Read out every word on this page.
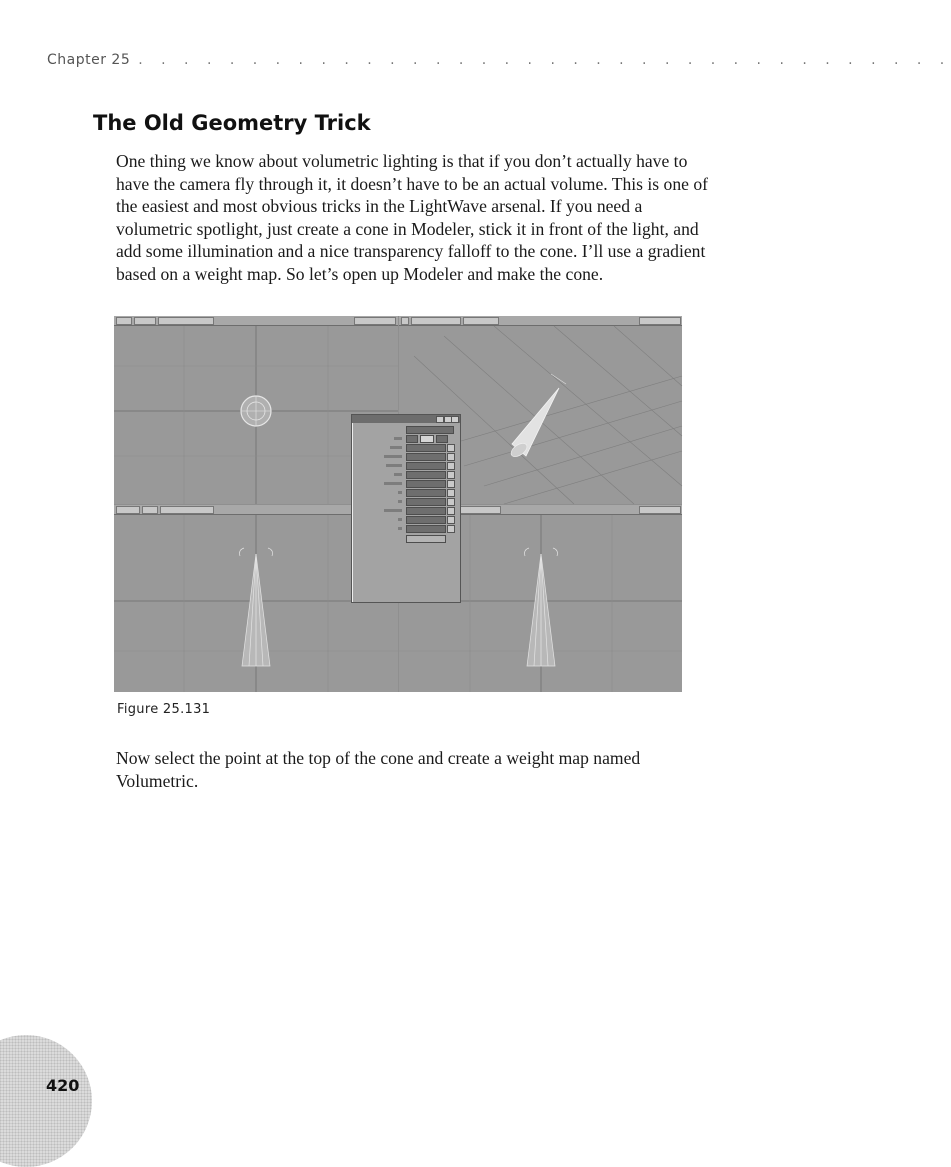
Chapter 25 . . . . . . . . . . . . . . . . . . . . . . . . . . . . . . . . . . . .
The Old Geometry Trick

One thing we know about volumetric lighting is that if you don’t actually have to have the camera fly through it, it doesn’t have to be an actual volume. This is one of the easiest and most obvious tricks in the LightWave arsenal. If you need a volumetric spotlight, just create a cone in Modeler, stick it in front of the light, and add some illumination and a nice transparency falloff to the cone. I’ll use a gradient based on a weight map. So let’s open up Modeler and make the cone.

Figure 25.131

Now select the point at the top of the cone and create a weight map named Volumetric.

420
